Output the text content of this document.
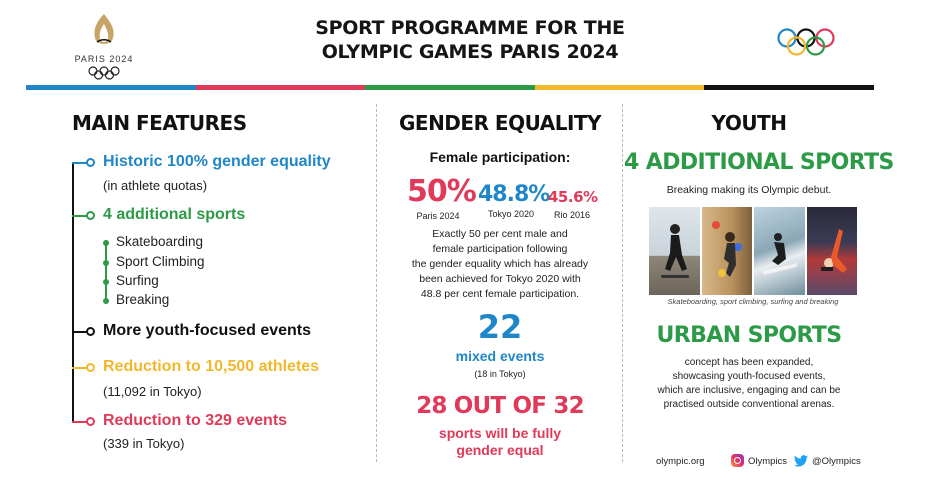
PARIS 2024
SPORT PROGRAMME FOR THE
OLYMPIC GAMES PARIS 2024
MAIN FEATURES
Historic 100% gender equality
(in athlete quotas)
4 additional sports
Skateboarding
Sport Climbing
Surfing
Breaking
More youth-focused events
Reduction to 10,500 athletes
(11,092 in Tokyo)
Reduction to 329 events
(339 in Tokyo)
GENDER EQUALITY
Female participation:
50%
Paris 2024
48.8%
Tokyo 2020
45.6%
Rio 2016
Exactly 50 per cent male and
female participation following
the gender equality which has already
been achieved for Tokyo 2020 with
48.8 per cent female participation.
22
mixed events
(18 in Tokyo)
28 OUT OF 32
sports will be fully
gender equal
YOUTH
4 ADDITIONAL SPORTS
Breaking making its Olympic debut.
Skateboarding, sport climbing, surfing and breaking
URBAN SPORTS
concept has been expanded,
showcasing youth-focused events,
which are inclusive, engaging and can be
practised outside conventional arenas.
olympic.org	Olympics	@Olympics
